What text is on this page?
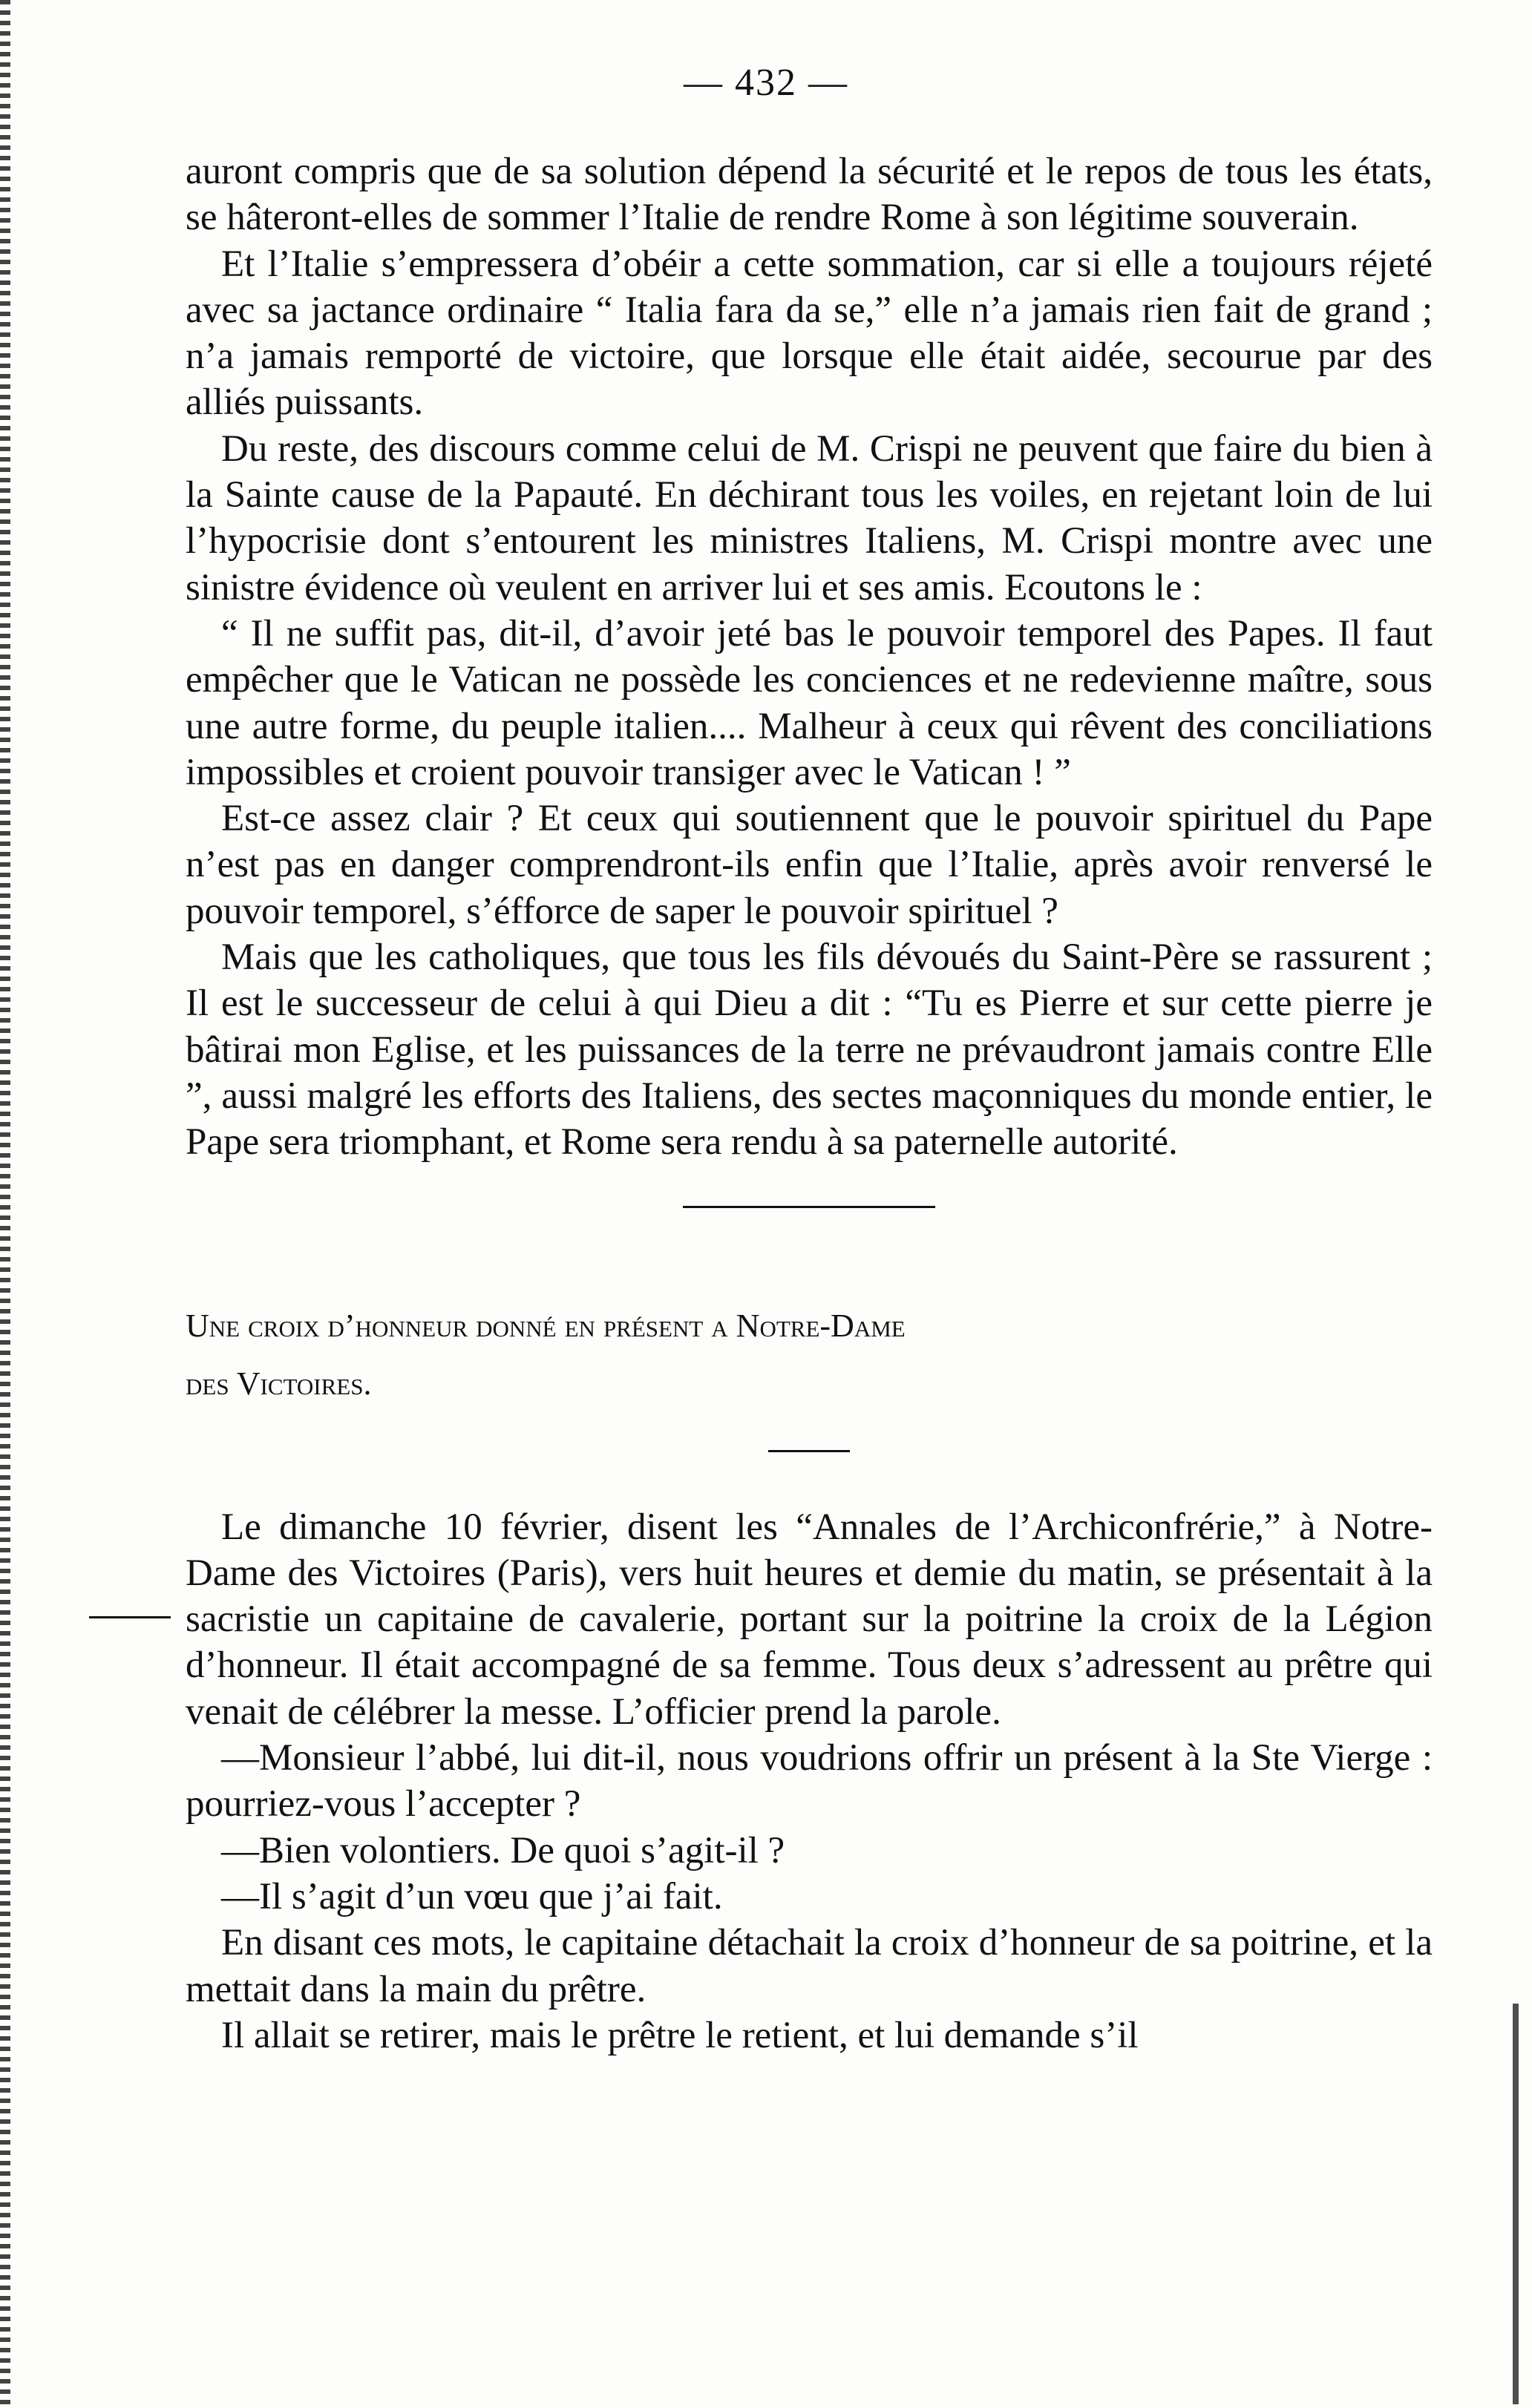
— 432 —

auront compris que de sa solution dépend la sécurité et le repos de tous les états, se hâteront-elles de sommer l’Italie de rendre Rome à son légitime souverain.

Et l’Italie s’empressera d’obéir a cette sommation, car si elle a toujours réjeté avec sa jactance ordinaire “ Italia fara da se,” elle n’a jamais rien fait de grand ; n’a jamais remporté de victoire, que lorsque elle était aidée, secourue par des alliés puissants.

Du reste, des discours comme celui de M. Crispi ne peuvent que faire du bien à la Sainte cause de la Papauté. En déchirant tous les voiles, en rejetant loin de lui l’hypocrisie dont s’entourent les ministres Italiens, M. Crispi montre avec une sinistre évidence où veulent en arriver lui et ses amis. Ecoutons le :

“ Il ne suffit pas, dit-il, d’avoir jeté bas le pouvoir temporel des Papes. Il faut empêcher que le Vatican ne possède les conciences et ne redevienne maître, sous une autre forme, du peuple italien.... Malheur à ceux qui rêvent des conciliations impossibles et croient pouvoir transiger avec le Vatican ! ”

Est-ce assez clair ? Et ceux qui soutiennent que le pouvoir spirituel du Pape n’est pas en danger comprendront-ils enfin que l’Italie, après avoir renversé le pouvoir temporel, s’éfforce de saper le pouvoir spirituel ?

Mais que les catholiques, que tous les fils dévoués du Saint-Père se rassurent ; Il est le successeur de celui à qui Dieu a dit : “Tu es Pierre et sur cette pierre je bâtirai mon Eglise, et les puissances de la terre ne prévaudront jamais contre Elle ”, aussi malgré les efforts des Italiens, des sectes maçonniques du monde entier, le Pape sera triomphant, et Rome sera rendu à sa paternelle autorité.

Une croix d’honneur donné en présent a Notre-Dame

des Victoires.

Le dimanche 10 février, disent les “Annales de l’Archiconfrérie,” à Notre-Dame des Victoires (Paris), vers huit heures et demie du matin, se présentait à la sacristie un capitaine de cavalerie, portant sur la poitrine la croix de la Légion d’honneur. Il était accompagné de sa femme. Tous deux s’adressent au prêtre qui venait de célébrer la messe. L’officier prend la parole.

—Monsieur l’abbé, lui dit-il, nous voudrions offrir un présent à la Ste Vierge : pourriez-vous l’accepter ?

—Bien volontiers. De quoi s’agit-il ?

—Il s’agit d’un vœu que j’ai fait.

En disant ces mots, le capitaine détachait la croix d’honneur de sa poitrine, et la mettait dans la main du prêtre.

Il allait se retirer, mais le prêtre le retient, et lui demande s’il
